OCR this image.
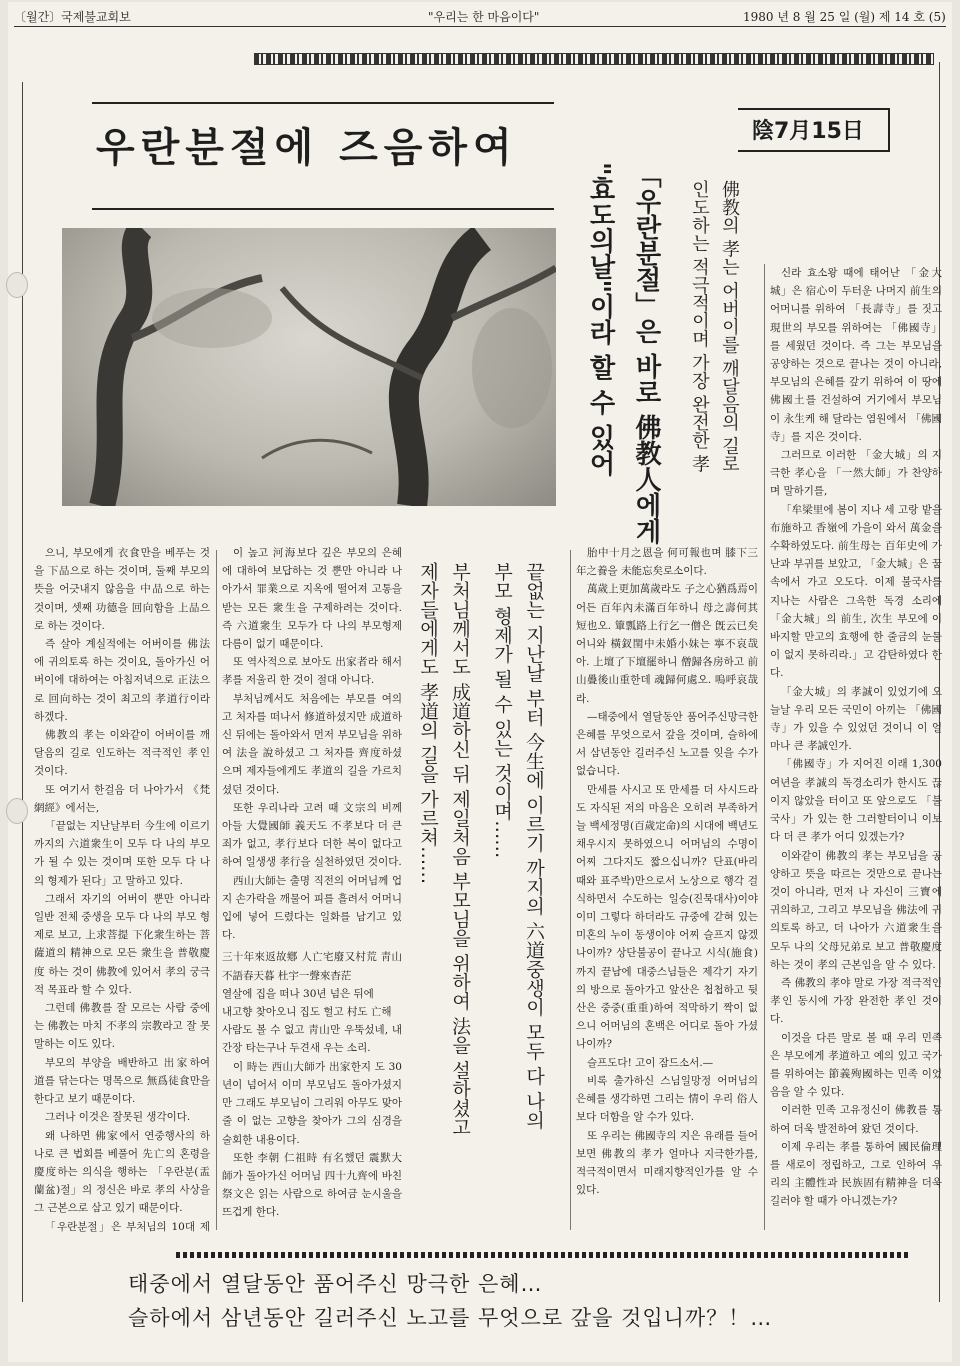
〔월간〕국제불교회보	"우리는 한 마음이다"	1980 년 8 월 25 일 (월) 제 14 호 (5)
우란분절에 즈음하여	陰7月15日
佛教의 孝는 어버이를 깨달음의 길로
인도하는 적극적이며 가장 완전한 孝
「우란분절」은 바로 佛教人에게
"효도의날"이라 할 수 있어

으니, 부모에게 衣食만을 베푸는 것을 下品으로 하는 것이며, 둘째 부모의 뜻을 어긋내지 않음을 中品으로 하는 것이며, 셋째 功德을 回向함을 上品으로 하는 것이다.

즉 살아 계실적에는 어버이를 佛法에 귀의토록 하는 것이요, 돌아가신 어버이에 대하여는 아침저녁으로 正法으로 回向하는 것이 최고의 孝道行이라 하겠다.

佛教의 孝는 이와같이 어버이를 깨달음의 길로 인도하는 적극적인 孝인 것이다.

또 여기서 한걸음 더 나아가서 《梵網經》에서는,

「끝없는 지난날부터 今生에 이르기까지의 六道衆生이 모두 다 나의 부모가 될 수 있는 것이며 또한 모두 다 나의 형제가 된다」고 말하고 있다.

그래서 자기의 어버이 뿐만 아니라 일반 전체 중생을 모두 다 나의 부모 형제로 보고, 上求菩提 下化衆生하는 菩薩道의 精神으로 모든 衆生을 普敬慶度 하는 것이 佛教에 있어서 孝의 궁극적 목표라 할 수 있다.

그런데 佛教를 잘 모르는 사람 중에는 佛教는 마치 不孝의 宗教라고 잘 못 말하는 이도 있다.

부모의 부양을 배반하고 出家하여 道를 닦는다는 명목으로 無爲徒食만을 한다고 보기 때문이다.

그러나 이것은 잘못된 생각이다.

왜 나하면 佛家에서 연중행사의 하나로 큰 법회를 베풀어 先亡의 혼령을 慶度하는 의식을 행하는 「우란분(盂蘭盆)절」의 정신은 바로 孝의 사상을 그 근본으로 삼고 있기 때문이다.

「우란분절」은 부처님의 10대 제

이 높고 河海보다 깊은 부모의 은혜에 대하여 보답하는 것 뿐만 아니라 나아가서 罪業으로 지옥에 떨어져 고통을 받는 모든 衆生을 구제하려는 것이다. 즉 六道衆生 모두가 다 나의 부모형제 다름이 없기 때문이다.

또 역사적으로 보아도 出家者라 해서 孝를 저울리 한 것이 절대 아니다.

부처님께서도 처음에는 부모를 여의고 처자를 떠나서 修道하셨지만 成道하신 뒤에는 돌아와서 먼저 부모님을 위하여 法을 說하셨고 그 처자를 齊度하셨으며 제자들에게도 孝道의 길을 가르치셨던 것이다.

또한 우리나라 고려 때 文宗의 비께 아들 大覺國師 義天도 不孝보다 더 큰 죄가 없고, 孝行보다 더한 복이 없다고 하여 일생생 孝行을 실천하였던 것이다.

西山大師는 출명 직전의 어머님께 업지 손가락을 깨물어 피를 흘려서 어머니 입에 넣어 드렸다는 일화를 남기고 있다.

三十年來返故鄕 人亡宅廢又村荒 靑山不語春天暮 杜宇一聲來杳茫

열살에 집을 떠나 30년 넘은 뒤에

내고향 찾아오니 집도 헐고 村도 亡해

사람도 볼 수 없고 靑山만 우뚝섰네, 내 간장 타는구나 두견새 우는 소리.

이 時는 西山大師가 出家한지 도 30년이 넘어서 이미 부모님도 돌아가셨지만 그래도 부모님이 그리워 아무도 맞아 줄 이 없는 고향을 찾아가 그의 심경을 술회한 내용이다.

또한 李朝 仁祖時 有名했던 震默大師가 돌아가신 어머님 四十九齊에 바친 祭文은 읽는 사람으로 하여금 눈시울을 뜨겁게 한다.

끝없는 지난날 부터 今生에 이르기 까지의 六道중생이 모두 다 나의
부모 형제가 될 수 있는 것이며……
부처님께서도 成道하신 뒤 제일처음 부모님을 위하여 法을 설하셨고
제자들에게도 孝道의 길을 가르쳐……

胎中十月之恩을 何可報也며 膝下三年之養을 未能忘矣로소이다.

萬歲上更加萬歲라도 子之心猶爲焉이어든 百年內未滿百年하니 母之壽何其短也오. 簞瓢路上行乞一僧은 旣云已矣어니와 橫釵閨中未婚小妹는 寧不哀哉아. 上壇了下壇罷하니 僧歸各房하고 前山疊後山重한데 魂歸何處오. 嗚呼哀哉라.

—태중에서 열달동안 품어주신망극한 은혜를 무엇으로서 갚을 것이며, 슬하에서 삼년동안 길러주신 노고를 잊을 수가 없습니다.

만세를 사시고 또 만세를 더 사시드라도 자식된 저의 마음은 오히려 부족하거늘 백세정명(百歲定命)의 시대에 백년도 채우시지 못하였으니 어머님의 수명이 어찌 그다지도 짧으십니까? 단표(바리때와 표주박)만으로서 노상으로 행각 걸식하면서 수도하는 일승(진묵대사)이야 이미 그렇다 하더라도 규중에 갇혀 있는 미혼의 누이 동생이야 어찌 슬프지 않겠나이까? 상단불공이 끝나고 시식(施食)까지 끝남에 대중스님들은 제각기 자기의 방으로 돌아가고 앞산은 첩첩하고 뒷산은 중중(重重)하여 적막하기 짝이 없으니 어머님의 혼백은 어디로 돌아 가셨나이까?

슬프도다! 고이 잠드소서.—

비록 출가하신 스님일망정 어머님의 은혜를 생각하면 그리는 情이 우리 俗人보다 더함을 알 수가 있다.

또 우리는 佛國寺의 지은 유래를 들어 보면 佛教의 孝가 얼마나 지극한가를, 적극적이면서 미래지향적인가를 알 수 있다.

신라 효소왕 때에 태어난 「金大城」은 宿心이 두터운 나머지 前生의 어머니를 위하여 「長壽寺」를 짓고 現世의 부모를 위하여는 「佛國寺」를 세웠던 것이다. 즉 그는 부모님을 공양하는 것으로 끝나는 것이 아니라, 부모님의 은혜를 갚기 위하여 이 땅에 佛國土를 건설하여 거기에서 부모님이 永生케 해 달라는 염원에서 「佛國寺」를 지은 것이다.

그러므로 이러한 「金大城」의 지극한 孝心을 「一然大師」가 찬양하며 말하기를,

「牟梁里에 봄이 지나 세 고랑 밭을 布施하고 香嶺에 가을이 와서 萬金을 수확하였도다. 前生母는 百年史에 가난과 부귀를 보았고, 「金大城」은 꿈 속에서 가고 오도다. 이제 불국사를 지나는 사람은 그윽한 독경 소리에 「金大城」의 前生, 次生 부모에 이바지할 만고의 효행에 한 줄금의 눈물이 없지 못하리라.」고 감탄하였다 한다.

「金大城」의 孝誠이 있었기에 오늘날 우리 모든 국민이 아끼는 「佛國寺」가 있을 수 있었던 것이니 이 얼마나 큰 孝誠인가.

「佛國寺」가 지어진 이래 1,300여년을 孝誠의 독경소리가 한시도 끊이지 않았을 터이고 또 앞으로도 「불국사」가 있는 한 그러할터이니 이보다 더 큰 孝가 어디 있겠는가?

이와같이 佛教의 孝는 부모님을 공양하고 뜻을 따르는 것만으로 끝나는 것이 아니라, 먼저 나 자신이 三寶에 귀의하고, 그리고 부모님을 佛法에 귀의토록 하고, 더 나아가 六道衆生을 모두 나의 父母兄弟로 보고 普敬慶度하는 것이 孝의 근본임을 알 수 있다.

즉 佛教의 孝야 말로 가장 적극적인 孝인 동시에 가장 완전한 孝인 것이다.

이것을 다른 말로 볼 때 우리 민족은 부모에게 孝道하고 예의 있고 국가를 위하여는 節義殉國하는 민족 이었음을 알 수 있다.

이러한 민족 고유정신이 佛教를 통하여 더욱 발전하여 왔던 것이다.

이제 우리는 孝를 통하여 國民倫理를 새로이 정립하고, 그로 인하여 우리의 主體性과 民族固有精神을 더욱 길러야 할 때가 아니겠는가?

태중에서 열달동안 품어주신 망극한 은혜…
슬하에서 삼년동안 길러주신 노고를 무엇으로 갚을 것입니까？！…
